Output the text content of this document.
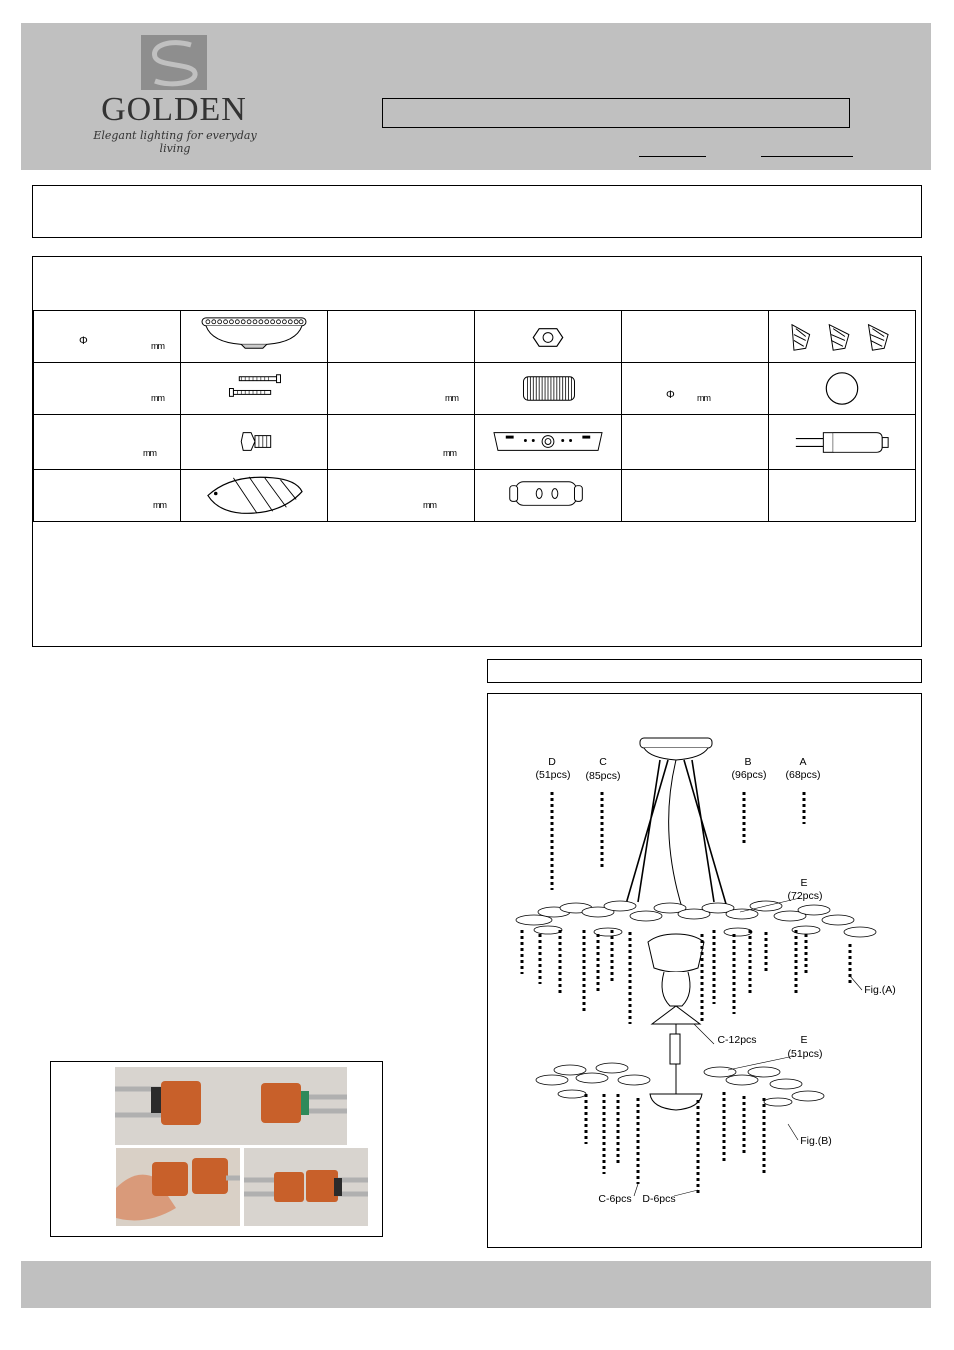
GOLDEN
Elegant lighting for everyday living
Φ mm

mm		mm		Φ mm

mm		mm

mm		mm

D
(51pcs)
C
(85pcs)
B
(96pcs)
A
(68pcs)
E
(72pcs)
Fig.(A)
C-12pcs	E
(51pcs)
Fig.(B)
C-6pcs	D-6pcs
